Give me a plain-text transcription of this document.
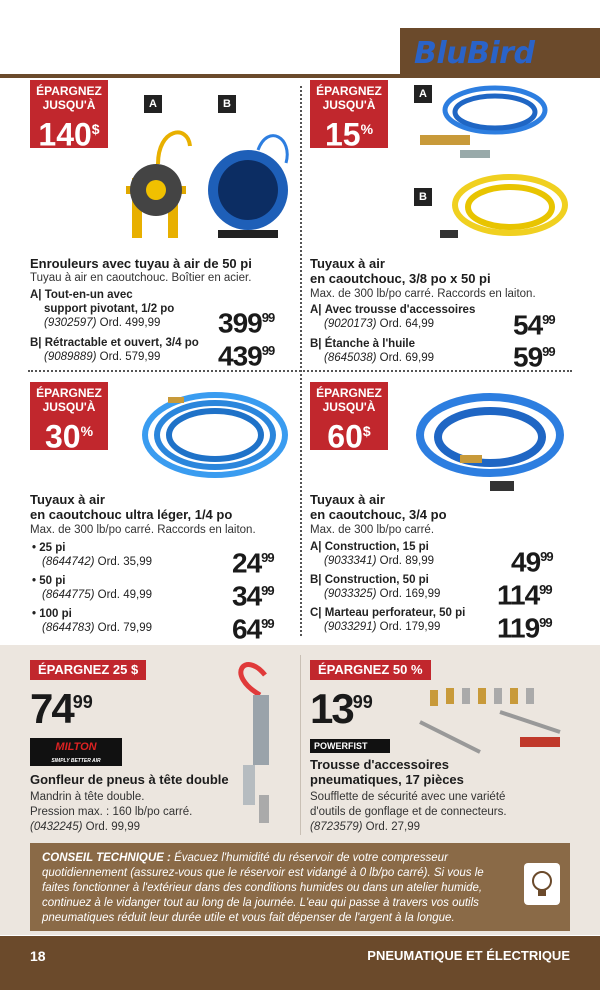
BluBird
ÉPARGNEZ
JUSQU'À
140$
A	B
Enrouleurs avec tuyau à air de 50 pi
Tuyau à air en caoutchouc. Boîtier en acier.
A| Tout-en-un avec
support pivotant, 1/2 po
(9302597) Ord. 499,99	$399^{99}$
B| Rétractable et ouvert, 3/4 po
(9089889) Ord. 579,99	$439^{99}$
ÉPARGNEZ
JUSQU'À
15%
A
B
Tuyaux à air
en caoutchouc, 3/8 po x 50 pi
Max. de 300 lb/po carré. Raccords en laiton.
A| Avec trousse d'accessoires
(9020173) Ord. 64,99	$54^{99}$
B| Étanche à l'huile
(8645038) Ord. 69,99	$59^{99}$
ÉPARGNEZ
JUSQU'À
30%
Tuyaux à air
en caoutchouc ultra léger, 1/4 po
Max. de 300 lb/po carré. Raccords en laiton.
• 25 pi
(8644742) Ord. 35,99	$24^{99}$
• 50 pi
(8644775) Ord. 49,99	$34^{99}$
• 100 pi
(8644783) Ord. 79,99	$64^{99}$
ÉPARGNEZ
JUSQU'À
60$
Tuyaux à air
en caoutchouc, 3/4 po
Max. de 300 lb/po carré.
A| Construction, 15 pi
(9033341) Ord. 89,99	$49^{99}$
B| Construction, 50 pi
(9033325) Ord. 169,99	$114^{99}$
C| Marteau perforateur, 50 pi
(9033291) Ord. 179,99	$119^{99}$
ÉPARGNEZ 25 $
$74^{99}$
MILTON
SIMPLY BETTER AIR
Gonfleur de pneus à tête double
Mandrin à tête double.
Pression max. : 160 lb/po carré.
(0432245) Ord. 99,99
ÉPARGNEZ 50 %
$13^{99}$
POWERFIST
Trousse d'accessoires
pneumatiques, 17 pièces
Soufflette de sécurité avec une variété
d'outils de gonflage et de connecteurs.
(8723579) Ord. 27,99
CONSEIL TECHNIQUE : Évacuez l'humidité du réservoir de votre compresseur quotidiennement (assurez-vous que le réservoir est vidangé à 0 lb/po carré). Si vous le faites fonctionner à l'extérieur dans des conditions humides ou dans un atelier humide, continuez à le vidanger tout au long de la journée. L'eau qui passe à travers vos outils pneumatiques réduit leur durée utile et vous fait dépenser de l'argent à la longue.
18	PNEUMATIQUE ET ÉLECTRIQUE
